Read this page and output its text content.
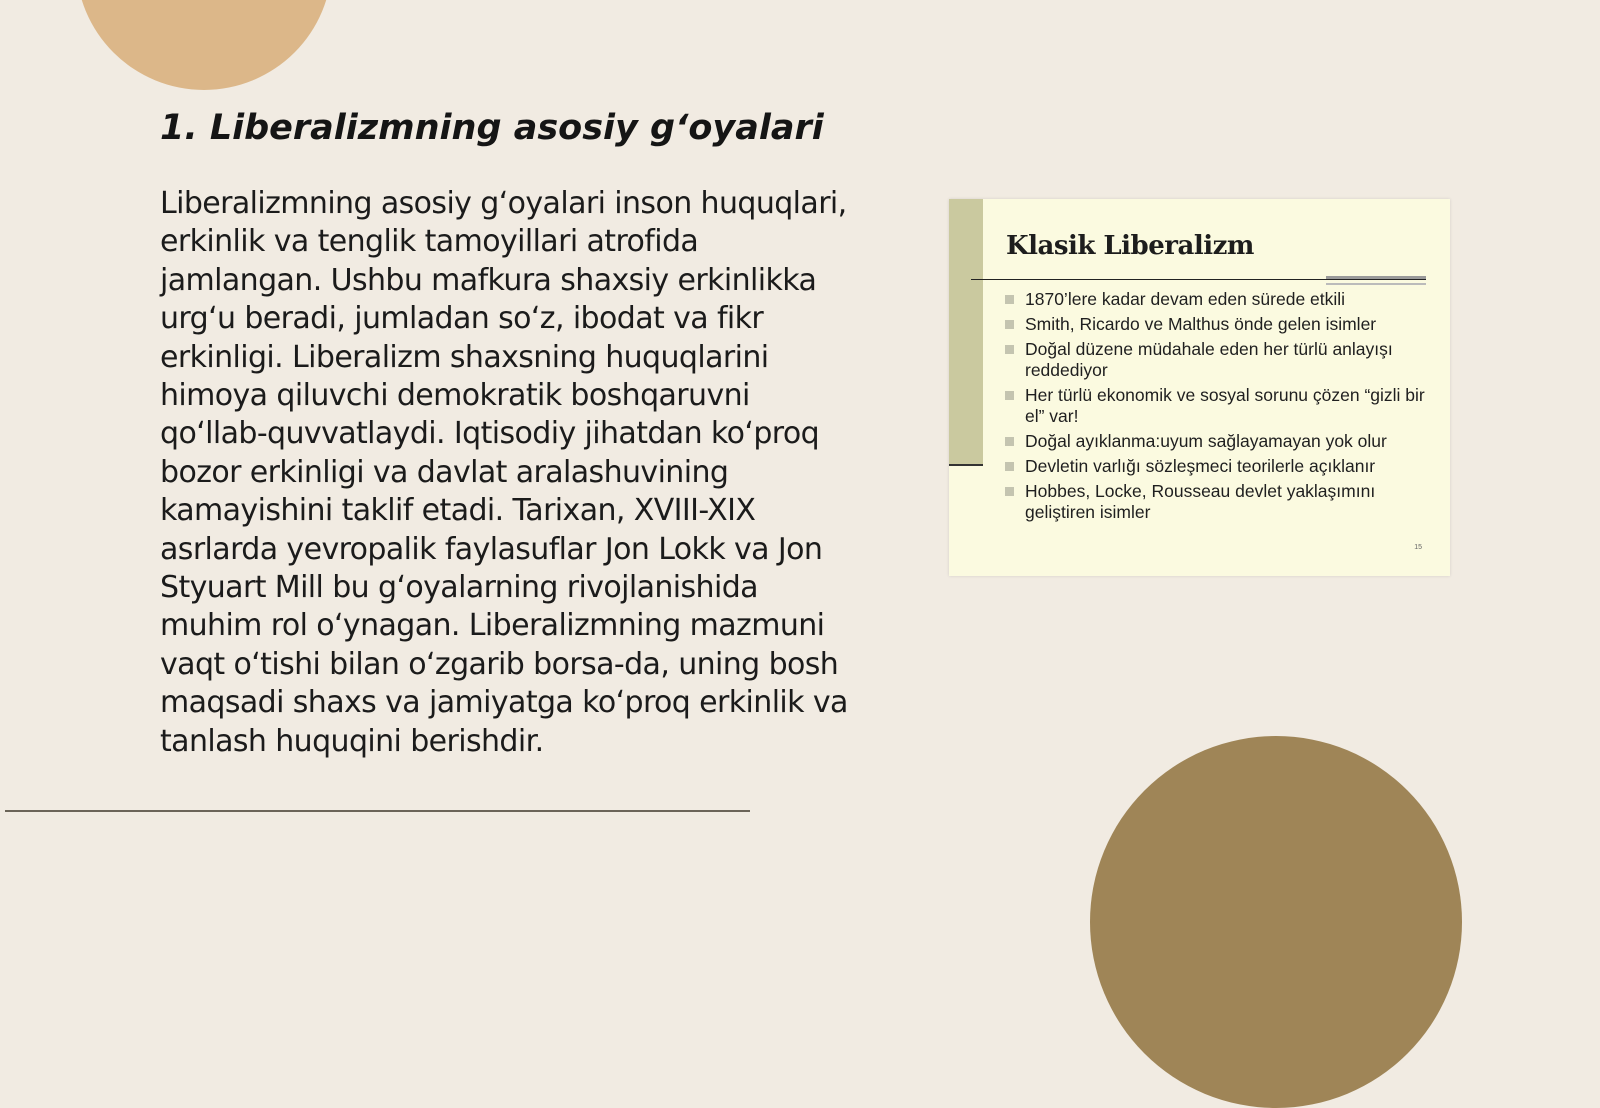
1. Liberalizmning asosiy g‘oyalari

Liberalizmning asosiy g‘oyalari inson huquqlari, erkinlik va tenglik tamoyillari atrofida jamlangan. Ushbu mafkura shaxsiy erkinlikka urg‘u beradi, jumladan so‘z, ibodat va fikr erkinligi. Liberalizm shaxsning huquqlarini himoya qiluvchi demokratik boshqaruvni qo‘llab-quvvatlaydi. Iqtisodiy jihatdan ko‘proq bozor erkinligi va davlat aralashuvining kamayishini taklif etadi. Tarixan, XVIII-XIX asrlarda yevropalik faylasuflar Jon Lokk va Jon Styuart Mill bu g‘oyalarning rivojlanishida muhim rol o‘ynagan. Liberalizmning mazmuni vaqt o‘tishi bilan o‘zgarib borsa-da, uning bosh maqsadi shaxs va jamiyatga ko‘proq erkinlik va tanlash huquqini berishdir.

Klasik Liberalizm
1870’lere kadar devam eden sürede etkili
Smith, Ricardo ve Malthus önde gelen isimler
Doğal düzene müdahale eden her türlü anlayışı reddediyor
Her türlü ekonomik ve sosyal sorunu çözen “gizli bir el” var!
Doğal ayıklanma:uyum sağlayamayan yok olur
Devletin varlığı sözleşmeci teorilerle açıklanır
Hobbes, Locke, Rousseau devlet yaklaşımını geliştiren isimler
15
